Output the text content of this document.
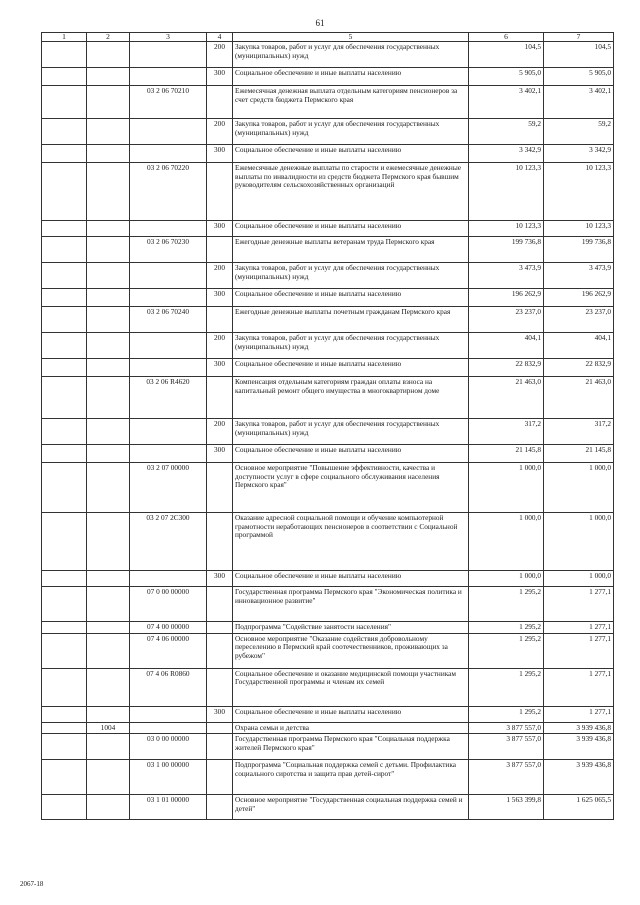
61
1	2	3	4	5	6	7
			200	Закупка товаров, работ и услуг для обеспечения государственных (муниципальных) нужд	104,5	104,5
			300	Социальное обеспечение и иные выплаты населению	5 905,0	5 905,0
		03 2 06 70210		Ежемесячная денежная выплата отдельным категориям пенсионеров за счет средств бюджета Пермского края	3 402,1	3 402,1
			200	Закупка товаров, работ и услуг для обеспечения государственных (муниципальных) нужд	59,2	59,2
			300	Социальное обеспечение и иные выплаты населению	3 342,9	3 342,9
		03 2 06 70220		Ежемесячные денежные выплаты по старости и ежемесячные денежные выплаты по инвалидности из средств бюджета Пермского края бывшим руководителям сельскохозяйственных организаций	10 123,3	10 123,3
			300	Социальное обеспечение и иные выплаты населению	10 123,3	10 123,3
		03 2 06 70230		Ежегодные денежные выплаты ветеранам труда Пермского края	199 736,8	199 736,8
			200	Закупка товаров, работ и услуг для обеспечения государственных (муниципальных) нужд	3 473,9	3 473,9
			300	Социальное обеспечение и иные выплаты населению	196 262,9	196 262,9
		03 2 06 70240		Ежегодные денежные выплаты почетным гражданам Пермского края	23 237,0	23 237,0
			200	Закупка товаров, работ и услуг для обеспечения государственных (муниципальных) нужд	404,1	404,1
			300	Социальное обеспечение и иные выплаты населению	22 832,9	22 832,9
		03 2 06 R4620		Компенсация отдельным категориям граждан оплаты взноса на капитальный ремонт общего имущества в многоквартирном доме	21 463,0	21 463,0
			200	Закупка товаров, работ и услуг для обеспечения государственных (муниципальных) нужд	317,2	317,2
			300	Социальное обеспечение и иные выплаты населению	21 145,8	21 145,8
		03 2 07 00000		Основное мероприятие "Повышение эффективности, качества и доступности услуг в сфере социального обслуживания населения Пермского края"	1 000,0	1 000,0
		03 2 07 2C300		Оказание адресной социальной помощи и обучение компьютерной грамотности неработающих пенсионеров в соответствии с Социальной программой	1 000,0	1 000,0
			300	Социальное обеспечение и иные выплаты населению	1 000,0	1 000,0
		07 0 00 00000		Государственная программа Пермского края "Экономическая политика и инновационное развитие"	1 295,2	1 277,1
		07 4 00 00000		Подпрограмма "Содействие занятости населения"	1 295,2	1 277,1
		07 4 06 00000		Основное мероприятие "Оказание содействия добровольному переселению в Пермский край соотечественников, проживающих за рубежом"	1 295,2	1 277,1
		07 4 06 R0860		Социальное обеспечение и оказание медицинской помощи участникам Государственной программы и членам их семей	1 295,2	1 277,1
			300	Социальное обеспечение и иные выплаты населению	1 295,2	1 277,1
	1004			Охрана семьи и детства	3 877 557,0	3 939 436,8
		03 0 00 00000		Государственная программа Пермского края "Социальная поддержка жителей Пермского края"	3 877 557,0	3 939 436,8
		03 1 00 00000		Подпрограмма "Социальная поддержка семей с детьми. Профилактика социального сиротства и защита прав детей-сирот"	3 877 557,0	3 939 436,8
		03 1 01 00000		Основное мероприятие "Государственная социальная поддержка семей и детей"	1 563 399,8	1 625 065,5
2067-18
